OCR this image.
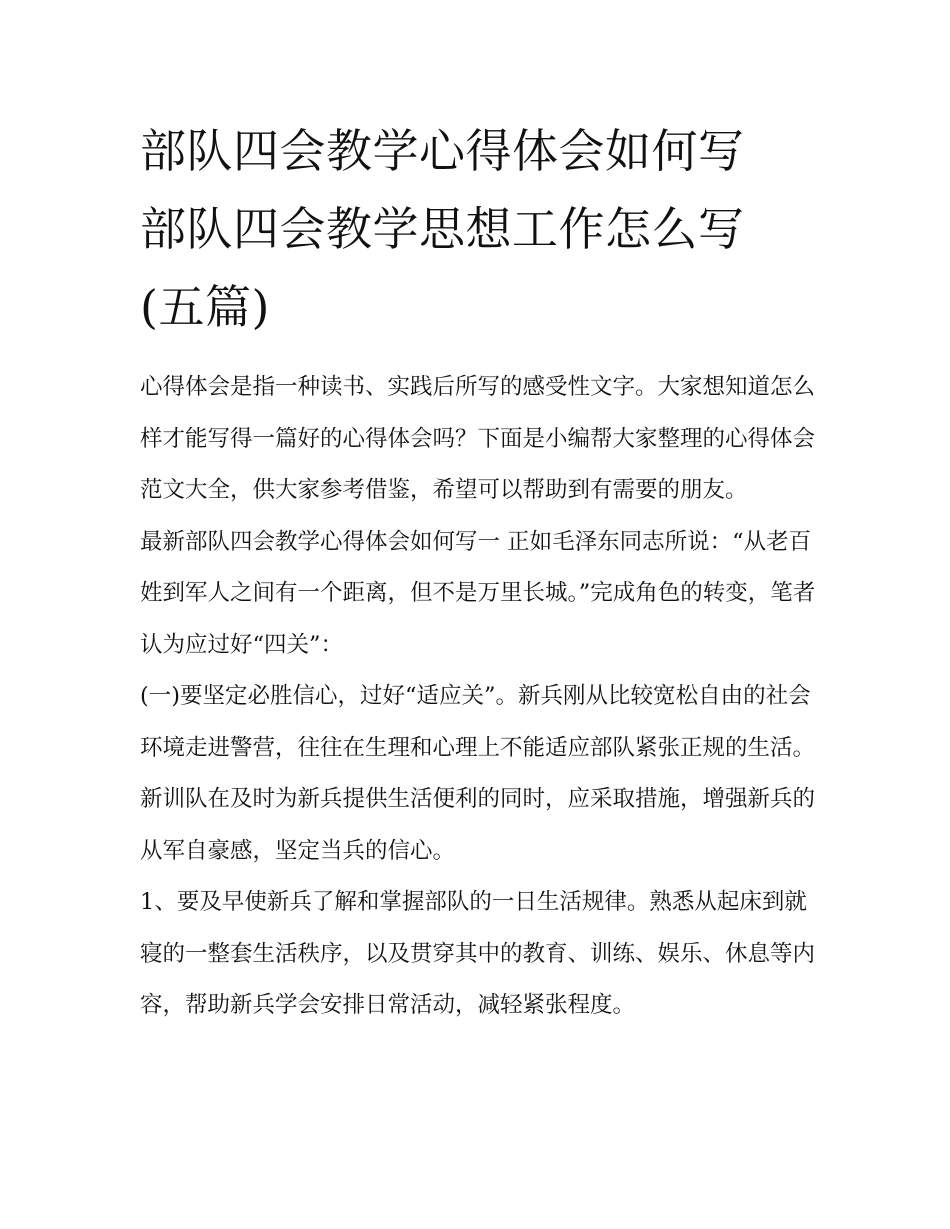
部队四会教学心得体会如何写
部队四会教学思想工作怎么写
(五篇)

心得体会是指一种读书、实践后所写的感受性文字。大家想知道怎么样才能写得一篇好的心得体会吗？下面是小编帮大家整理的心得体会范文大全，供大家参考借鉴，希望可以帮助到有需要的朋友。

最新部队四会教学心得体会如何写一 正如毛泽东同志所说：“从老百姓到军人之间有一个距离，但不是万里长城。”完成角色的转变，笔者认为应过好“四关”：

(一)要坚定必胜信心，过好“适应关”。新兵刚从比较宽松自由的社会环境走进警营，往往在生理和心理上不能适应部队紧张正规的生活。新训队在及时为新兵提供生活便利的同时，应采取措施，增强新兵的从军自豪感，坚定当兵的信心。

1、要及早使新兵了解和掌握部队的一日生活规律。熟悉从起床到就寝的一整套生活秩序，以及贯穿其中的教育、训练、娱乐、休息等内容，帮助新兵学会安排日常活动，减轻紧张程度。
